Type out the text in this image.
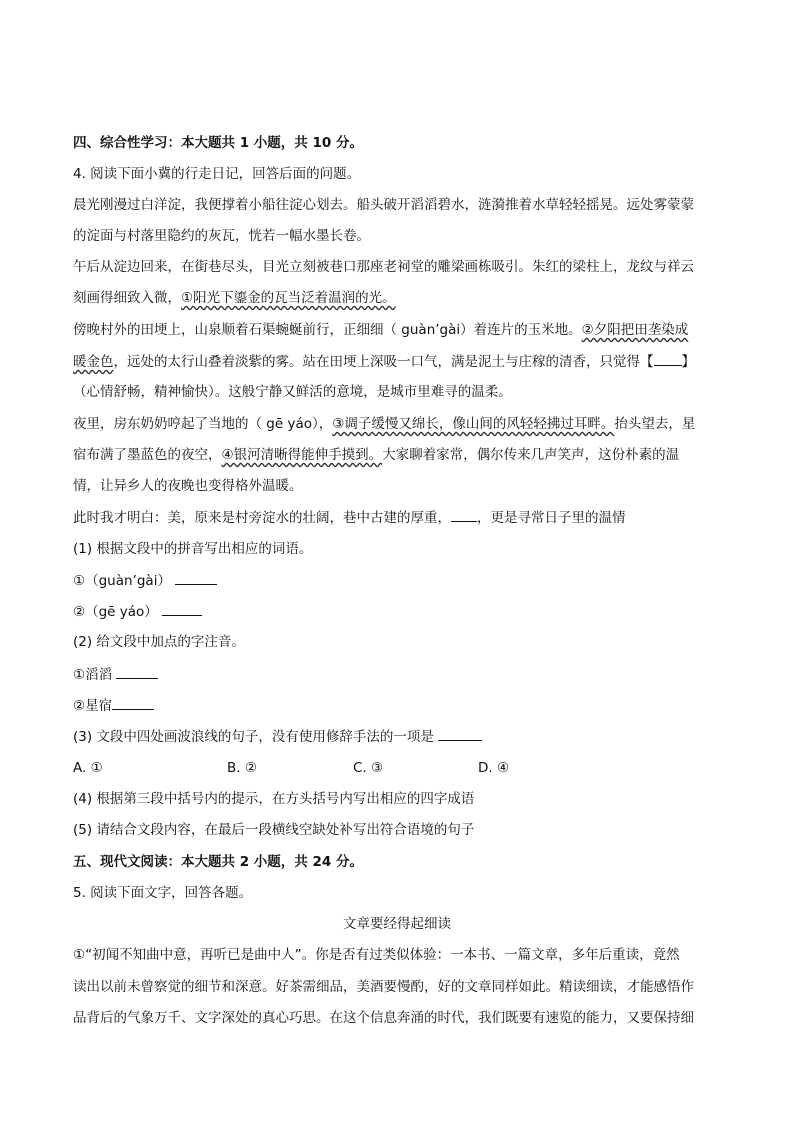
四、综合性学习：本大题共 1 小题，共 10 分。
4. 阅读下面小冀的行走日记，回答后面的问题。
晨光刚漫过白洋淀，我便撑着小船往淀心划去。船头破开滔滔碧水，涟漪推着水草轻轻摇晃。远处雾蒙蒙
的淀面与村落里隐约的灰瓦，恍若一幅水墨长卷。
午后从淀边回来，在街巷尽头，目光立刻被巷口那座老祠堂的雕梁画栋吸引。朱红的梁柱上，龙纹与祥云
刻画得细致入微，①阳光下鎏金的瓦当泛着温润的光。
傍晚村外的田埂上，山泉顺着石渠蜿蜒前行，正细细（ guàn’gài）着连片的玉米地。②夕阳把田垄染成
暖金色，远处的太行山叠着淡紫的雾。站在田埂上深吸一口气，满是泥土与庄稼的清香，只觉得【 】
（心情舒畅，精神愉快）。这般宁静又鲜活的意境，是城市里难寻的温柔。
夜里，房东奶奶哼起了当地的（ gē yáo），③调子缓慢又绵长，像山间的风轻轻拂过耳畔。抬头望去，星
宿布满了墨蓝色的夜空，④银河清晰得能伸手摸到。大家聊着家常，偶尔传来几声笑声，这份朴素的温
情，让异乡人的夜晚也变得格外温暖。
此时我才明白：美，原来是村旁淀水的壮阔，巷中古建的厚重， ，更是寻常日子里的温情
(1) 根据文段中的拼音写出相应的词语。
①（guàn’gài）
②（gē yáo）
(2) 给文段中加点的字注音。
①滔滔
②星宿
(3) 文段中四处画波浪线的句子，没有使用修辞手法的一项是
A. ①	B. ②	C. ③	D. ④
(4) 根据第三段中括号内的提示，在方头括号内写出相应的四字成语
(5) 请结合文段内容，在最后一段横线空缺处补写出符合语境的句子
五、现代文阅读：本大题共 2 小题，共 24 分。
5. 阅读下面文字，回答各题。
文章要经得起细读
①“初闻不知曲中意，再听已是曲中人”。你是否有过类似体验：一本书、一篇文章，多年后重读，竟然
读出以前未曾察觉的细节和深意。好茶需细品，美酒要慢酌，好的文章同样如此。精读细读，才能感悟作
品背后的气象万千、文字深处的真心巧思。在这个信息奔涌的时代，我们既要有速览的能力，又要保持细
